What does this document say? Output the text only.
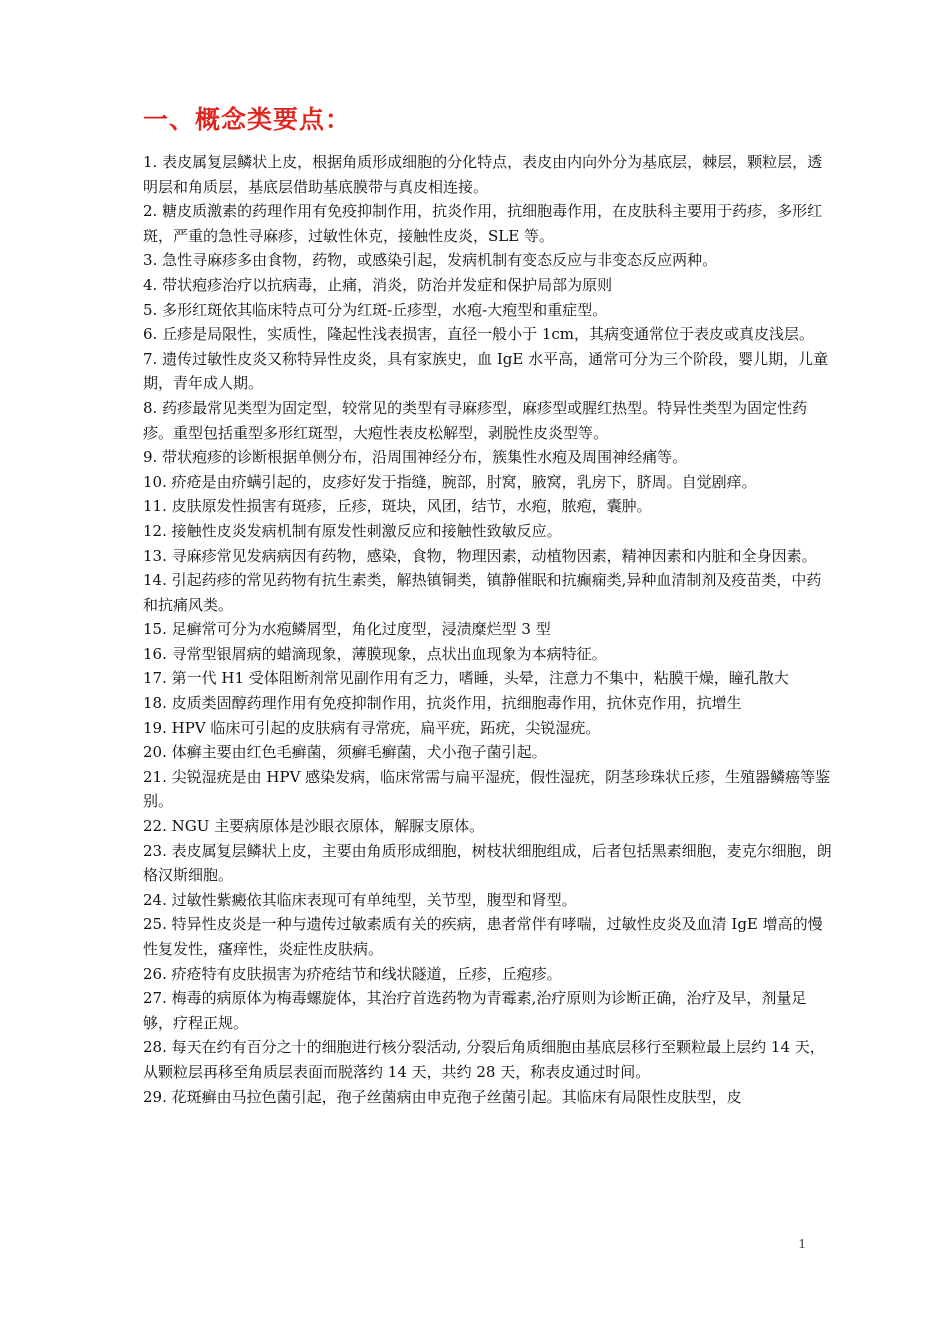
一、概念类要点：

1. 表皮属复层鳞状上皮，根据角质形成细胞的分化特点，表皮由内向外分为基底层，棘层，颗粒层，透明层和角质层，基底层借助基底膜带与真皮相连接。

2. 糖皮质激素的药理作用有免疫抑制作用，抗炎作用，抗细胞毒作用，在皮肤科主要用于药疹，多形红斑，严重的急性寻麻疹，过敏性休克，接触性皮炎，SLE 等。

3. 急性寻麻疹多由食物，药物，或感染引起，发病机制有变态反应与非变态反应两种。

4. 带状疱疹治疗以抗病毒，止痛，消炎，防治并发症和保护局部为原则

5. 多形红斑依其临床特点可分为红斑-丘疹型，水疱-大疱型和重症型。

6. 丘疹是局限性，实质性，隆起性浅表损害，直径一般小于 1cm，其病变通常位于表皮或真皮浅层。

7. 遗传过敏性皮炎又称特异性皮炎，具有家族史，血 IgE 水平高，通常可分为三个阶段，婴儿期，儿童期，青年成人期。

8. 药疹最常见类型为固定型，较常见的类型有寻麻疹型，麻疹型或腥红热型。特异性类型为固定性药疹。重型包括重型多形红斑型，大疱性表皮松解型，剥脱性皮炎型等。

9. 带状疱疹的诊断根据单侧分布，沿周围神经分布，簇集性水疱及周围神经痛等。

10. 疥疮是由疥螨引起的，皮疹好发于指缝，腕部，肘窝，腋窝，乳房下，脐周。自觉剧痒。

11. 皮肤原发性损害有斑疹，丘疹，斑块，风团，结节，水疱，脓疱，囊肿。

12. 接触性皮炎发病机制有原发性刺激反应和接触性致敏反应。

13. 寻麻疹常见发病病因有药物，感染，食物，物理因素，动植物因素，精神因素和内脏和全身因素。

14. 引起药疹的常见药物有抗生素类，解热镇铜类，镇静催眠和抗癫痫类,异种血清制剂及疫苗类，中药和抗痛风类。

15. 足癣常可分为水疱鳞屑型，角化过度型，浸渍糜烂型 3 型

16. 寻常型银屑病的蜡滴现象，薄膜现象，点状出血现象为本病特征。

17. 第一代 H1 受体阻断剂常见副作用有乏力，嗜睡，头晕，注意力不集中，粘膜干燥，瞳孔散大

18. 皮质类固醇药理作用有免疫抑制作用，抗炎作用，抗细胞毒作用，抗休克作用，抗增生

19. HPV 临床可引起的皮肤病有寻常疣，扁平疣，跖疣，尖锐湿疣。

20. 体癣主要由红色毛癣菌，须癣毛癣菌，犬小孢子菌引起。

21. 尖锐湿疣是由 HPV 感染发病，临床常需与扁平湿疣，假性湿疣，阴茎珍珠状丘疹，生殖器鳞癌等鉴别。

22. NGU 主要病原体是沙眼衣原体，解脲支原体。

23. 表皮属复层鳞状上皮，主要由角质形成细胞，树枝状细胞组成，后者包括黑素细胞，麦克尔细胞，朗格汉斯细胞。

24. 过敏性紫癜依其临床表现可有单纯型，关节型，腹型和肾型。

25. 特异性皮炎是一种与遗传过敏素质有关的疾病，患者常伴有哮喘，过敏性皮炎及血清 IgE 增高的慢性复发性，瘙痒性，炎症性皮肤病。

26. 疥疮特有皮肤损害为疥疮结节和线状隧道，丘疹，丘疱疹。

27. 梅毒的病原体为梅毒螺旋体，其治疗首选药物为青霉素,治疗原则为诊断正确，治疗及早，剂量足够，疗程正规。

28. 每天在约有百分之十的细胞进行核分裂活动, 分裂后角质细胞由基底层移行至颗粒最上层约 14 天，从颗粒层再移至角质层表面而脱落约 14 天，共约 28 天，称表皮通过时间。

29. 花斑癣由马拉色菌引起，孢子丝菌病由申克孢子丝菌引起。其临床有局限性皮肤型，皮

1
